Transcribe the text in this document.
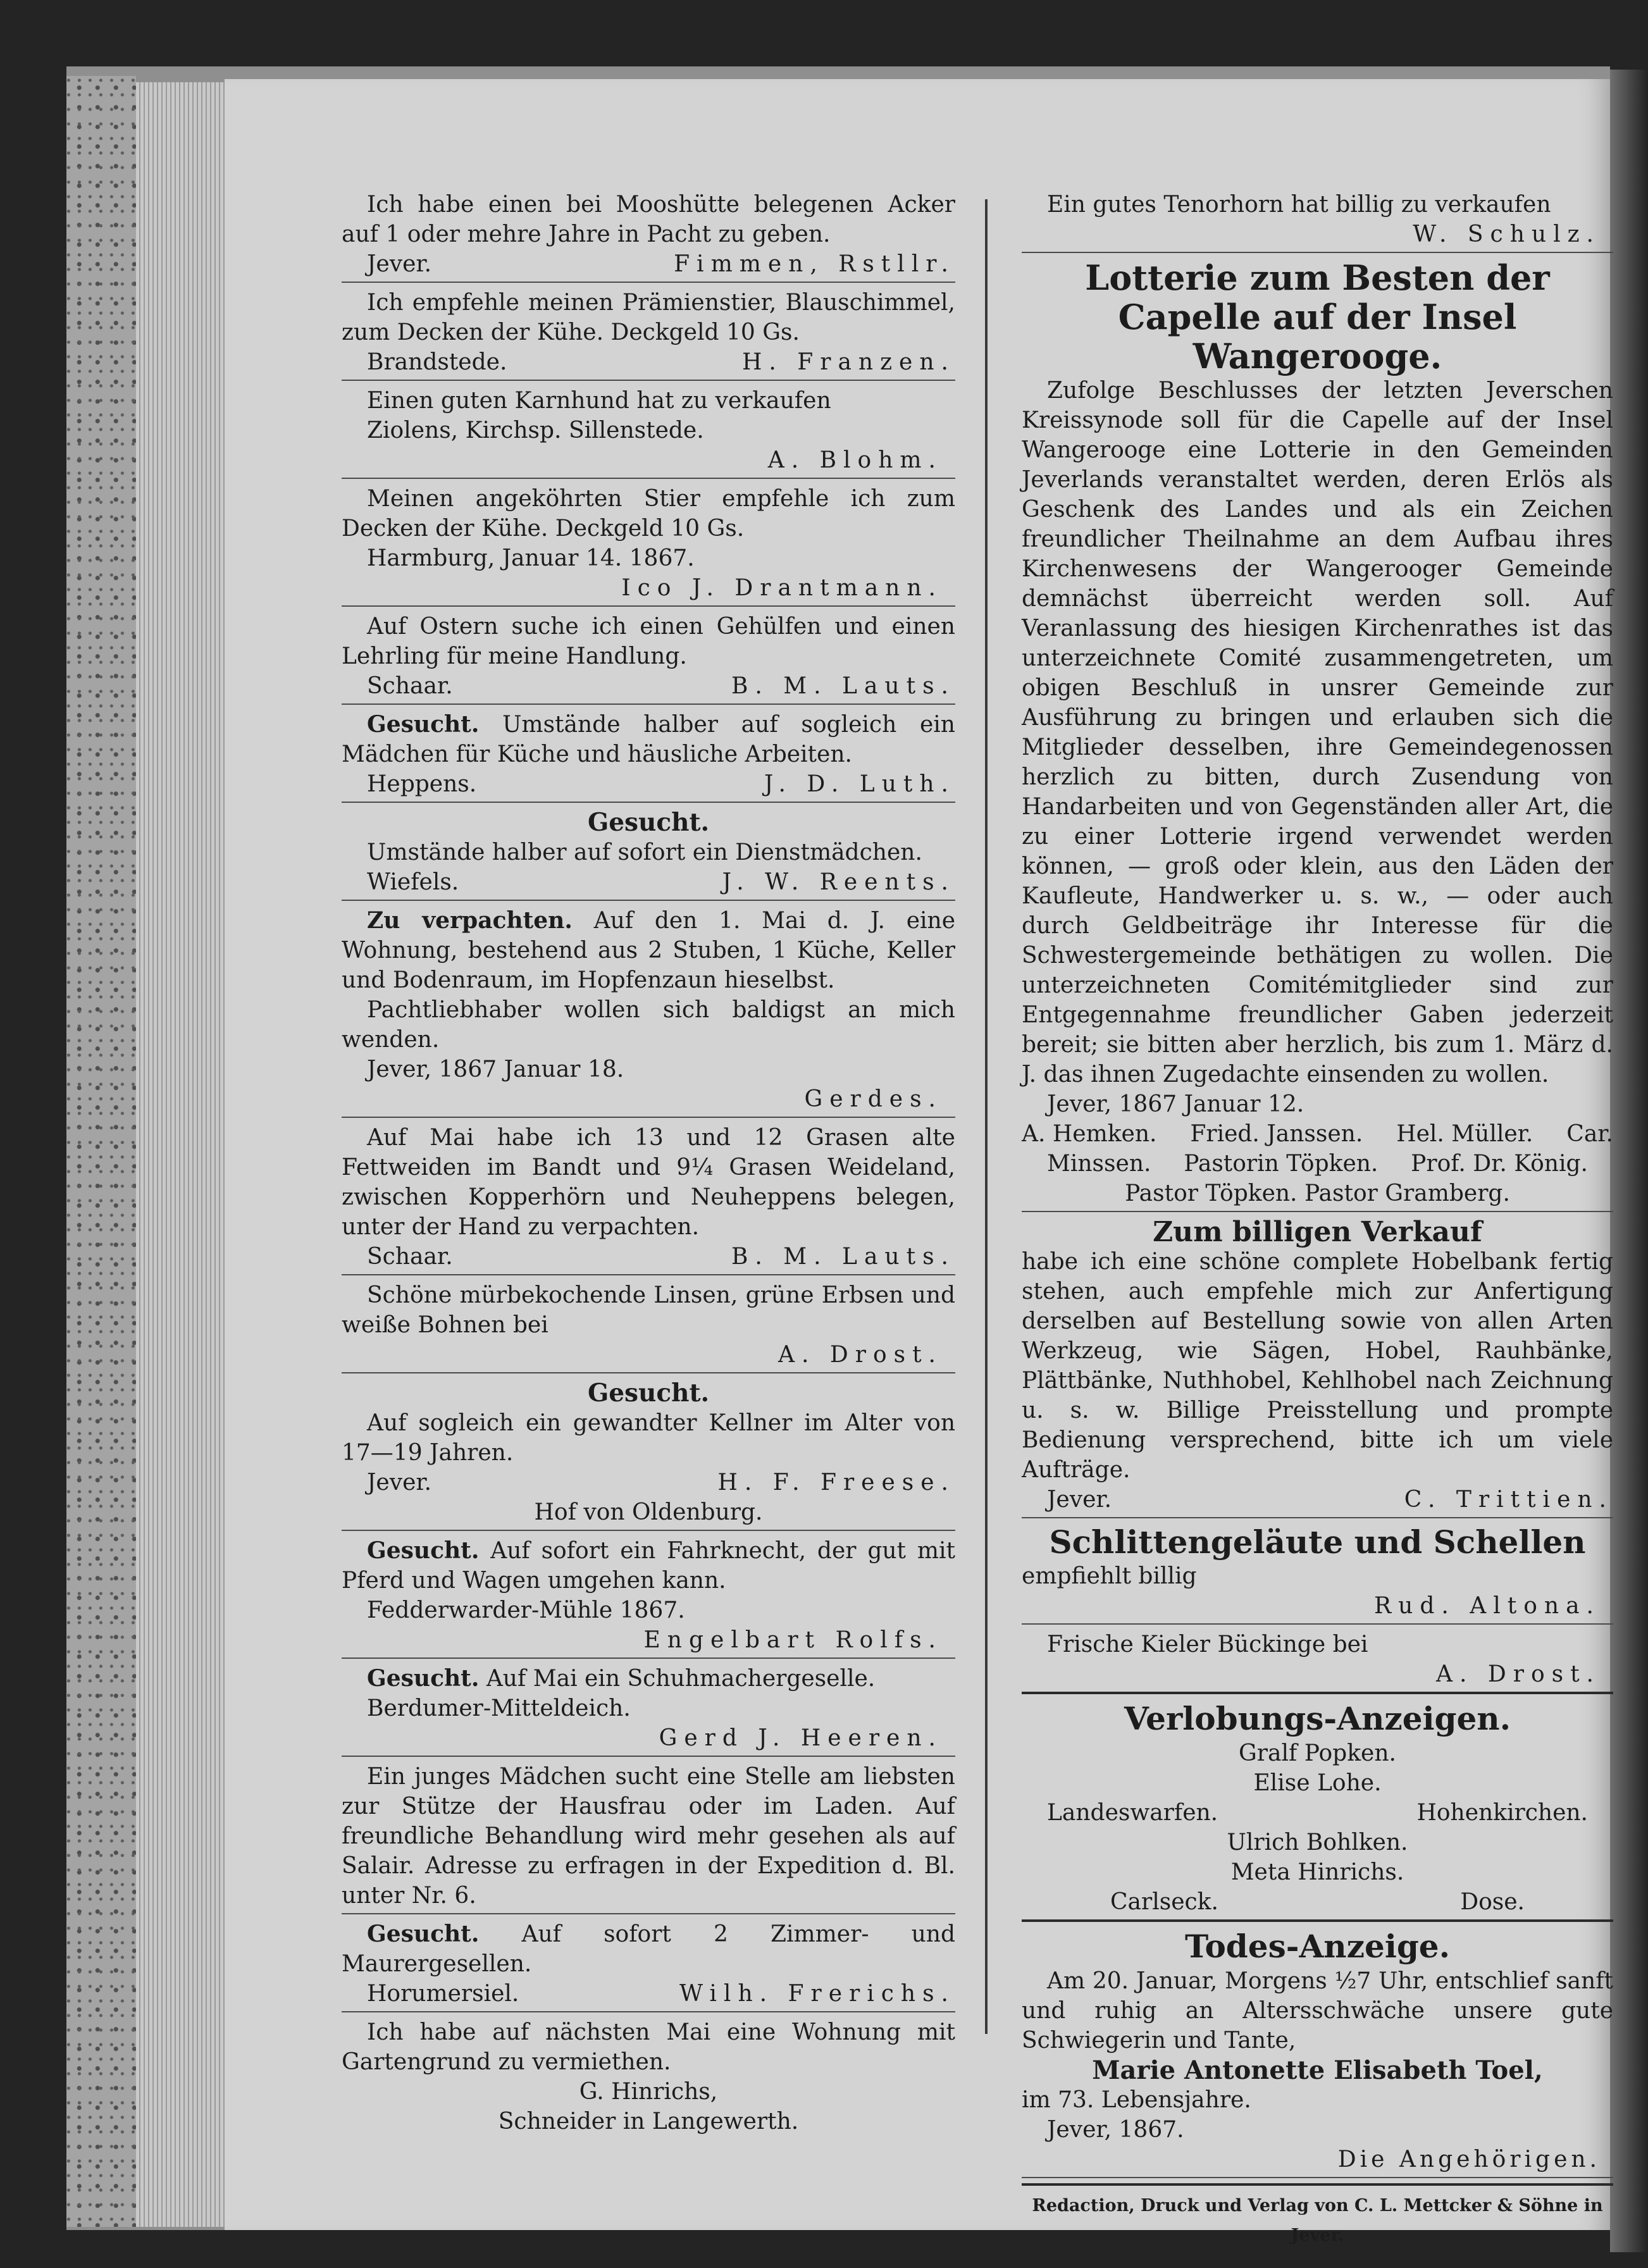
Ich habe einen bei Mooshütte belegenen Acker auf 1 oder mehre Jahre in Pacht zu geben.

Jever.	Fimmen, Rstllr.

Ich empfehle meinen Prämienstier, Blauschimmel, zum Decken der Kühe. Deckgeld 10 Gs.

Brandstede.	H. Franzen.

Einen guten Karnhund hat zu verkaufen

Ziolens, Kirchsp. Sillenstede.

A. Blohm.

Meinen angeköhrten Stier empfehle ich zum Decken der Kühe. Deckgeld 10 Gs.

Harmburg, Januar 14. 1867.

Ico J. Drantmann.

Auf Ostern suche ich einen Gehülfen und einen Lehrling für meine Handlung.

Schaar.	B. M. Lauts.

Gesucht. Umstände halber auf sogleich ein Mädchen für Küche und häusliche Arbeiten.

Heppens.	J. D. Luth.
Gesucht.

Umstände halber auf sofort ein Dienstmädchen.

Wiefels.	J. W. Reents.

Zu verpachten. Auf den 1. Mai d. J. eine Wohnung, bestehend aus 2 Stuben, 1 Küche, Keller und Bodenraum, im Hopfenzaun hieselbst.

Pachtliebhaber wollen sich baldigst an mich wenden.

Jever, 1867 Januar 18.

Gerdes.

Auf Mai habe ich 13 und 12 Grasen alte Fettweiden im Bandt und 9¼ Grasen Weideland, zwischen Kopperhörn und Neuheppens belegen, unter der Hand zu verpachten.

Schaar.	B. M. Lauts.

Schöne mürbekochende Linsen, grüne Erbsen und weiße Bohnen bei

A. Drost.
Gesucht.

Auf sogleich ein gewandter Kellner im Alter von 17—19 Jahren.

Jever.	H. F. Freese.
Hof von Oldenburg.

Gesucht. Auf sofort ein Fahrknecht, der gut mit Pferd und Wagen umgehen kann.

Fedderwarder-Mühle 1867.

Engelbart Rolfs.

Gesucht. Auf Mai ein Schuhmachergeselle.

Berdumer-Mitteldeich.

Gerd J. Heeren.

Ein junges Mädchen sucht eine Stelle am liebsten zur Stütze der Hausfrau oder im Laden. Auf freundliche Behandlung wird mehr gesehen als auf Salair. Adresse zu erfragen in der Expedition d. Bl. unter Nr. 6.

Gesucht. Auf sofort 2 Zimmer- und Maurergesellen.

Horumersiel.	Wilh. Frerichs.

Ich habe auf nächsten Mai eine Wohnung mit Gartengrund zu vermiethen.

G. Hinrichs,
Schneider in Langewerth.

Ein gutes Tenorhorn hat billig zu verkaufen

W. Schulz.
Lotterie zum Besten der Capelle auf der Insel Wangerooge.

Zufolge Beschlusses der letzten Jeverschen Kreissynode soll für die Capelle auf der Insel Wangerooge eine Lotterie in den Gemeinden Jeverlands veranstaltet werden, deren Erlös als Geschenk des Landes und als ein Zeichen freundlicher Theilnahme an dem Aufbau ihres Kirchenwesens der Wangerooger Gemeinde demnächst überreicht werden soll. Auf Veranlassung des hiesigen Kirchenrathes ist das unterzeichnete Comité zusammengetreten, um obigen Beschluß in unsrer Gemeinde zur Ausführung zu bringen und erlauben sich die Mitglieder desselben, ihre Gemeindegenossen herzlich zu bitten, durch Zusendung von Handarbeiten und von Gegenständen aller Art, die zu einer Lotterie irgend verwendet werden können, — groß oder klein, aus den Läden der Kaufleute, Handwerker u. s. w., — oder auch durch Geldbeiträge ihr Interesse für die Schwestergemeinde bethätigen zu wollen. Die unterzeichneten Comitémitglieder sind zur Entgegennahme freundlicher Gaben jederzeit bereit; sie bitten aber herzlich, bis zum 1. März d. J. das ihnen Zugedachte einsenden zu wollen.

Jever, 1867 Januar 12.

A. Hemken. Fried. Janssen. Hel. Müller. Car.
Minssen. Pastorin Töpken. Prof. Dr. König.
Pastor Töpken. Pastor Gramberg.
Zum billigen Verkauf

habe ich eine schöne complete Hobelbank fertig stehen, auch empfehle mich zur Anfertigung derselben auf Bestellung sowie von allen Arten Werkzeug, wie Sägen, Hobel, Rauhbänke, Plättbänke, Nuthhobel, Kehlhobel nach Zeichnung u. s. w. Billige Preisstellung und prompte Bedienung versprechend, bitte ich um viele Aufträge.

Jever.	C. Trittien.
Schlittengeläute und Schellen

empfiehlt billig

Rud. Altona.

Frische Kieler Bückinge bei

A. Drost.
Verlobungs-Anzeigen.
Gralf Popken.
Elise Lohe.
Landeswarfen.	Hohenkirchen.
Ulrich Bohlken.
Meta Hinrichs.
Carlseck.	Dose.
Todes-Anzeige.

Am 20. Januar, Morgens ½7 Uhr, entschlief sanft und ruhig an Altersschwäche unsere gute Schwiegerin und Tante,

Marie Antonette Elisabeth Toel,

im 73. Lebensjahre.

Jever, 1867.

Die Angehörigen.
Redaction, Druck und Verlag von C. L. Mettcker & Söhne in Jever.
